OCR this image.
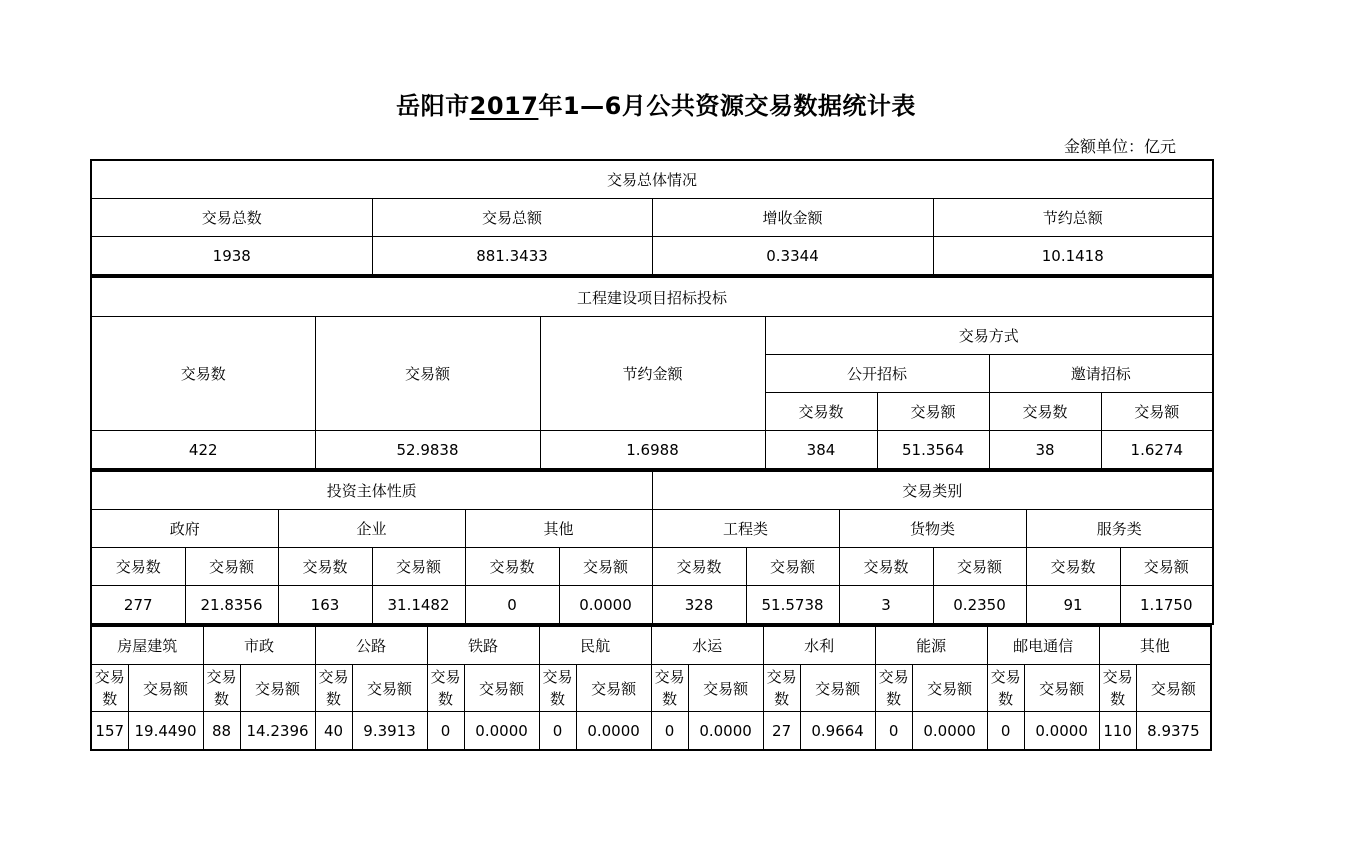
岳阳市2017年1—6月公共资源交易数据统计表
金额单位：亿元
交易总体情况			
交易总数	交易总额	增收金额	节约总额
1938	881.3433	0.3344	10.1418
工程建设项目招标投标						
交易数	交易额	节约金额	交易方式			
			公开招标		邀请招标	
			交易数	交易额	交易数	交易额
422	52.9838	1.6988	384	51.3564	38	1.6274
投资主体性质						交易类别					
政府		企业		其他		工程类		货物类		服务类	
交易数	交易额	交易数	交易额	交易数	交易额	交易数	交易额	交易数	交易额	交易数	交易额
277	21.8356	163	31.1482	0	0.0000	328	51.5738	3	0.2350	91	1.1750
房屋建筑		市政		公路		铁路		民航		水运		水利		能源		邮电通信		其他	
交易数	交易额	交易数	交易额	交易数	交易额	交易数	交易额	交易数	交易额	交易数	交易额	交易数	交易额	交易数	交易额	交易数	交易额	交易数	交易额
157	19.4490	88	14.2396	40	9.3913	0	0.0000	0	0.0000	0	0.0000	27	0.9664	0	0.0000	0	0.0000	110	8.9375
